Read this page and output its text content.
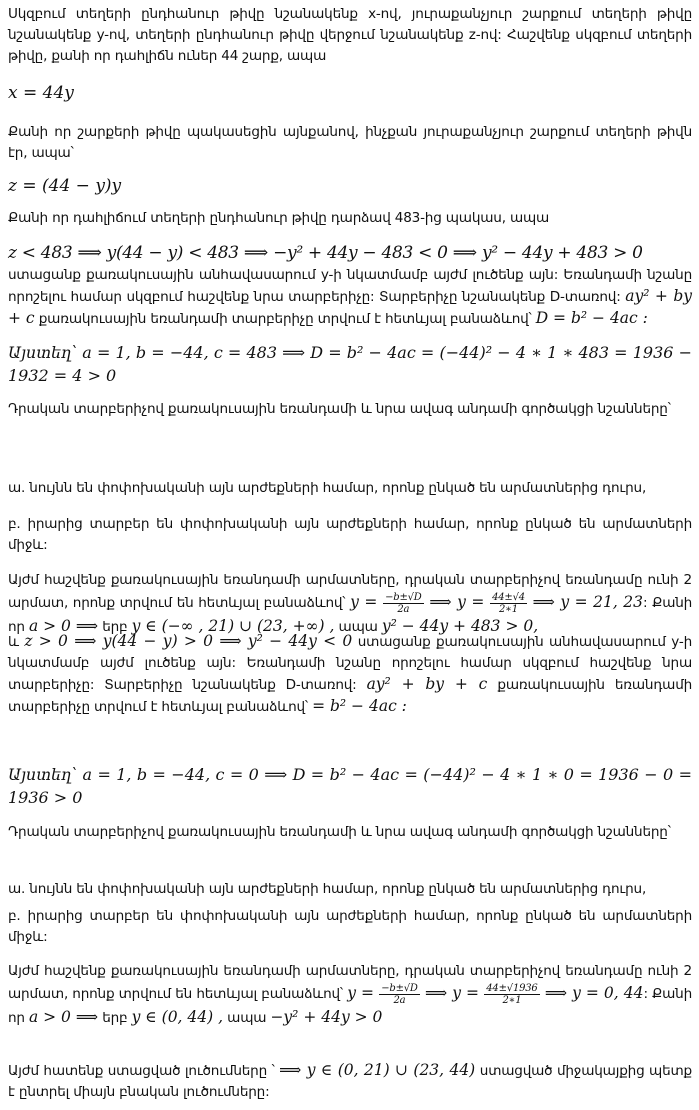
Սկզբում տեղերի ընդհանուր թիվը նշանակենք x-ով, յուրաքանչյուր շարքում տեղերի թիվը նշանակենք y-ով, տեղերի ընդհանուր թիվը վերջում նշանակենք z-ով: Հաշվենք սկզբում տեղերի թիվը, քանի որ դահլիճն ուներ 44 շարք, ապա

x = 44y

Քանի որ շարքերի թիվը պակասեցին այնքանով, ինչքան յուրաքանչյուր շարքում տեղերի թիվն էր, ապա՝

z = (44 − y)y

Քանի որ դահլիճում տեղերի ընդհանուր թիվը դարձավ 483-ից պակաս, ապա

z < 483 ⟹ y(44 − y) < 483 ⟹ −y² + 44y − 483 < 0 ⟹ y² − 44y + 483 > 0

ստացանք քառակուսային անհավասարում y-ի նկատմամբ այժմ լուծենք այն: Եռանդամի նշանը որոշելու համար սկզբում հաշվենք նրա տարբերիչը: Տարբերիչը նշանակենք D-տառով: ay² + by + c քառակուսային եռանդամի տարբերիչը տրվում է հետևյալ բանաձևով՝ D = b² − 4ac :

Այստեղ՝ a = 1, b = −44, c = 483 ⟹ D = b² − 4ac = (−44)² − 4 ∗ 1 ∗ 483 = 1936 − 1932 = 4 > 0

Դրական տարբերիչով քառակուսային եռանդամի և նրա ավագ անդամի գործակցի նշանները՝

ա. նույնն են փոփոխականի այն արժեքների համար, որոնք ընկած են արմատներից դուրս,

բ. իրարից տարբեր են փոփոխականի այն արժեքների համար, որոնք ընկած են արմատների միջև:

Այժմ հաշվենք քառակուսային եռանդամի արմատները, դրական տարբերիչով եռանդամը ունի 2 արմատ, որոնք տրվում են հետևյալ բանաձևով՝ $y = \frac{-b\pm√D}{2a}$ ⟹ $y = \frac{44\pm√4}{2∗1}$ ⟹ y = 21, 23: Քանի որ a > 0 ⟹ երբ y ∈ (−∞ , 21) ∪ (23, +∞) , ապա y² − 44y + 483 > 0,

և z > 0 ⟹ y(44 − y) > 0 ⟹ y² − 44y < 0 ստացանք քառակուսային անհավասարում y-ի նկատմամբ այժմ լուծենք այն: Եռանդամի նշանը որոշելու համար սկզբում հաշվենք նրա տարբերիչը: Տարբերիչը նշանակենք D-տառով: ay² + by + c քառակուսային եռանդամի տարբերիչը տրվում է հետևյալ բանաձևով՝ = b² − 4ac :

Այստեղ՝ a = 1, b = −44, c = 0 ⟹ D = b² − 4ac = (−44)² − 4 ∗ 1 ∗ 0 = 1936 − 0 = 1936 > 0

Դրական տարբերիչով քառակուսային եռանդամի և նրա ավագ անդամի գործակցի նշանները՝

ա. նույնն են փոփոխականի այն արժեքների համար, որոնք ընկած են արմատներից դուրս,

բ. իրարից տարբեր են փոփոխականի այն արժեքների համար, որոնք ընկած են արմատների միջև:

Այժմ հաշվենք քառակուսային եռանդամի արմատները, դրական տարբերիչով եռանդամը ունի 2 արմատ, որոնք տրվում են հետևյալ բանաձևով՝ $y = \frac{-b\pm√D}{2a}$ ⟹ $y = \frac{44\pm√1936}{2∗1}$ ⟹ y = 0, 44: Քանի որ a > 0 ⟹ երբ y ∈ (0, 44) , ապա −y² + 44y > 0

Այժմ հատենք ստացված լուծումները ՝ ⟹ y ∈ (0, 21) ∪ (23, 44) ստացված միջակայքից պետք է ընտրել միայն բնական լուծումները:
